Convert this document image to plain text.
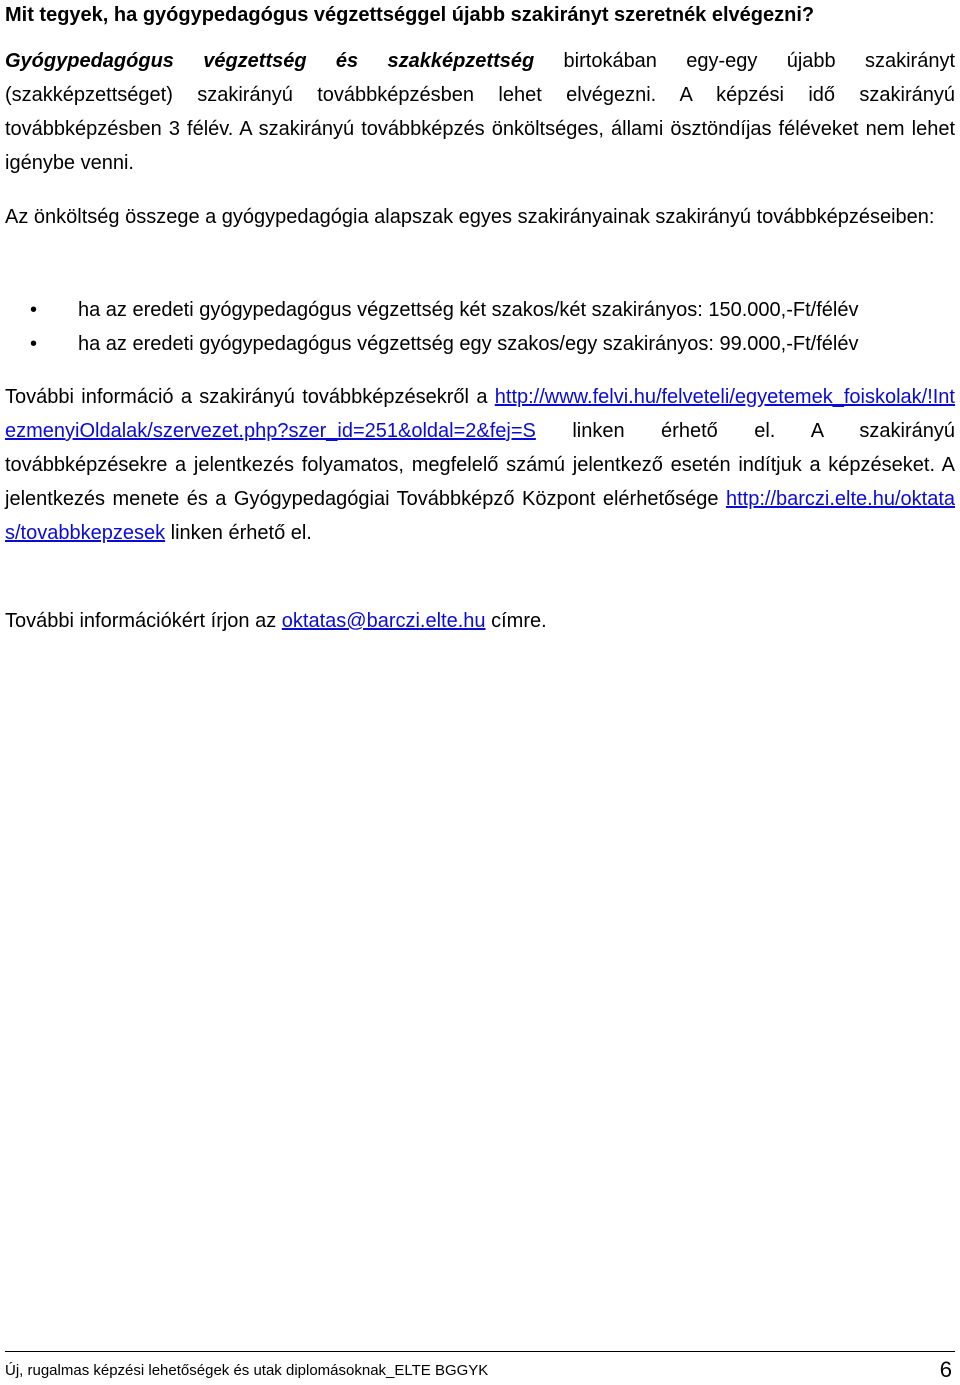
Mit tegyek, ha gyógypedagógus végzettséggel újabb szakirányt szeretnék elvégezni?

Gyógypedagógus végzettség és szakképzettség birtokában egy-egy újabb szakirányt (szakképzettséget) szakirányú továbbképzésben lehet elvégezni. A képzési idő szakirányú továbbképzésben 3 félév. A szakirányú továbbképzés önköltséges, állami ösztöndíjas féléveket nem lehet igénybe venni.

Az önköltség összege a gyógypedagógia alapszak egyes szakirányainak szakirányú továbbképzéseiben:

• ha az eredeti gyógypedagógus végzettség két szakos/két szakirányos: 150.000,-Ft/félév
• ha az eredeti gyógypedagógus végzettség egy szakos/egy szakirányos: 99.000,-Ft/félév

További információ a szakirányú továbbképzésekről a http://www.felvi.hu/felveteli/egyetemek_foiskolak/!IntezmenyiOldalak/szervezet.php?szer_id=251&oldal=2&fej=S linken érhető el. A szakirányú továbbképzésekre a jelentkezés folyamatos, megfelelő számú jelentkező esetén indítjuk a képzéseket. A jelentkezés menete és a Gyógypedagógiai Továbbképző Központ elérhetősége http://barczi.elte.hu/oktatas/tovabbkepzesek linken érhető el.

További információkért írjon az oktatas@barczi.elte.hu címre.

Új, rugalmas képzési lehetőségek és utak diplomásoknak_ELTE BGGYK	6
